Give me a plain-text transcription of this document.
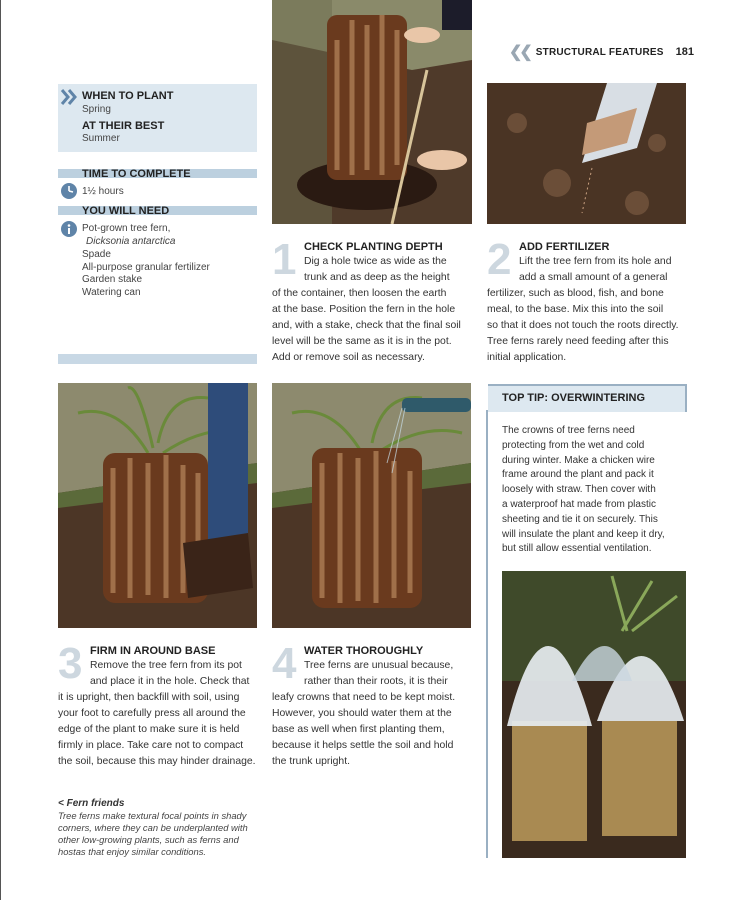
❮❮ STRUCTURAL FEATURES 181
WHEN TO PLANT
Spring
AT THEIR BEST
Summer
TIME TO COMPLETE
1½ hours
YOU WILL NEED
Pot-grown tree fern,
Dicksonia antarctica
Spade
All-purpose granular fertilizer
Garden stake
Watering can
1 CHECK PLANTING DEPTH
Dig a hole twice as wide as the
trunk and as deep as the height
of the container, then loosen the earth
at the base. Position the fern in the hole
and, with a stake, check that the final soil
level will be the same as it is in the pot.
Add or remove soil as necessary.
2 ADD FERTILIZER
Lift the tree fern from its hole and
add a small amount of a general
fertilizer, such as blood, fish, and bone
meal, to the base. Mix this into the soil
so that it does not touch the roots directly.
Tree ferns rarely need feeding after this
initial application.
3 FIRM IN AROUND BASE
Remove the tree fern from its pot
and place it in the hole. Check that
it is upright, then backfill with soil, using
your foot to carefully press all around the
edge of the plant to make sure it is held
firmly in place. Take care not to compact
the soil, because this may hinder drainage.
4 WATER THOROUGHLY
Tree ferns are unusual because,
rather than their roots, it is their
leafy crowns that need to be kept moist.
However, you should water them at the
base as well when first planting them,
because it helps settle the soil and hold
the trunk upright.
TOP TIP: OVERWINTERING
The crowns of tree ferns need
protecting from the wet and cold
during winter. Make a chicken wire
frame around the plant and pack it
loosely with straw. Then cover with
a waterproof hat made from plastic
sheeting and tie it on securely. This
will insulate the plant and keep it dry,
but still allow essential ventilation.
< Fern friends
Tree ferns make textural focal points in shady
corners, where they can be underplanted with
other low-growing plants, such as ferns and
hostas that enjoy similar conditions.
